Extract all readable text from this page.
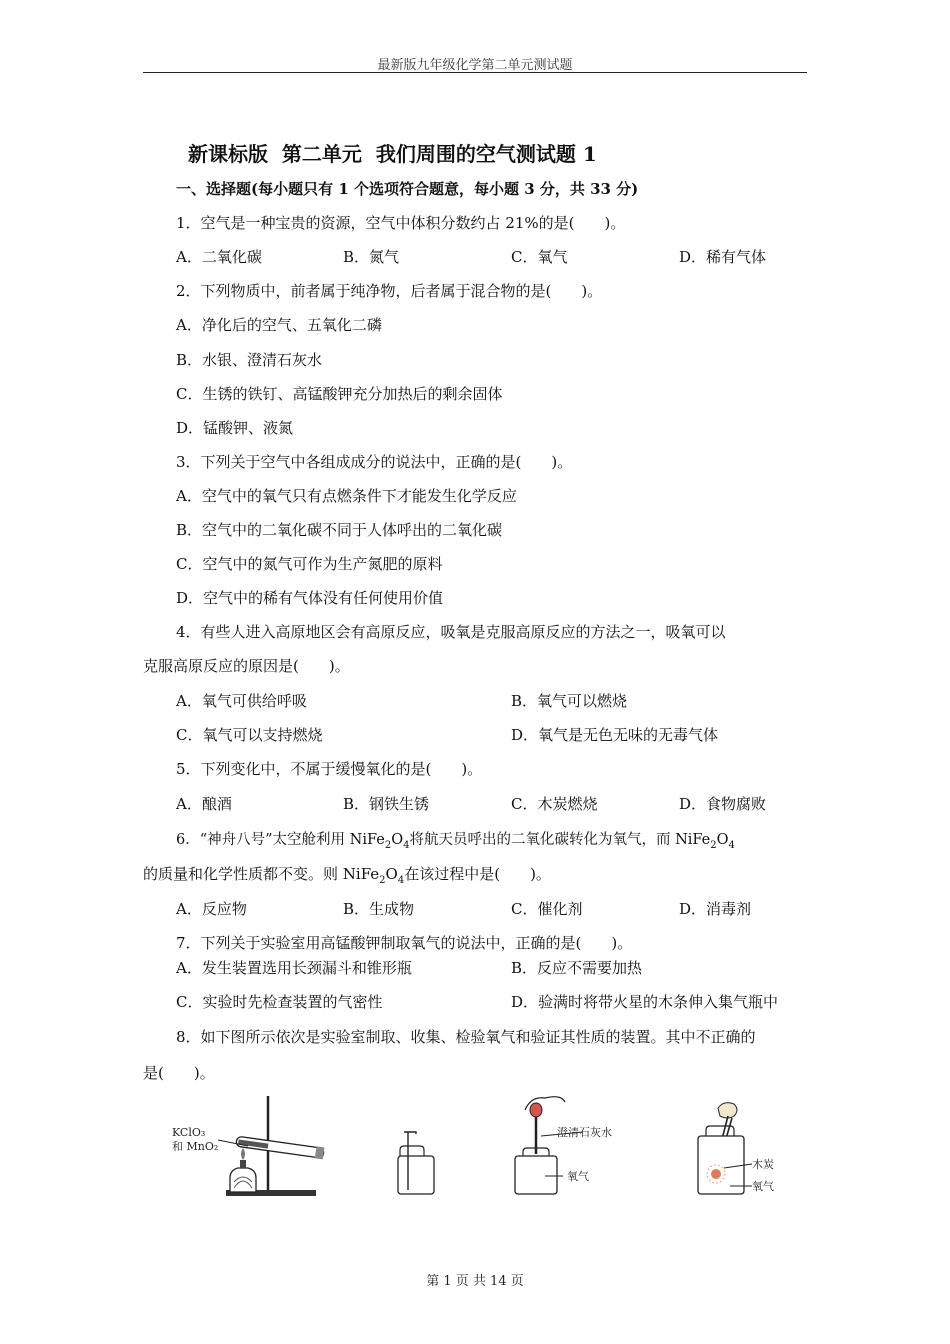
最新版九年级化学第二单元测试题
新课标版  第二单元  我们周围的空气测试题 1
一、选择题(每小题只有 1 个选项符合题意，每小题 3 分，共 33 分)
1．空气是一种宝贵的资源，空气中体积分数约占 21%的是(　　)。
A．二氧化碳	B．氮气	C．氧气	D．稀有气体
2．下列物质中，前者属于纯净物，后者属于混合物的是(　　)。
A．净化后的空气、五氧化二磷
B．水银、澄清石灰水
C．生锈的铁钉、高锰酸钾充分加热后的剩余固体
D．锰酸钾、液氮
3．下列关于空气中各组成成分的说法中，正确的是(　　)。
A．空气中的氧气只有点燃条件下才能发生化学反应
B．空气中的二氧化碳不同于人体呼出的二氧化碳
C．空气中的氮气可作为生产氮肥的原料
D．空气中的稀有气体没有任何使用价值
4．有些人进入高原地区会有高原反应，吸氧是克服高原反应的方法之一，吸氧可以
克服高原反应的原因是(　　)。
A．氧气可供给呼吸	B．氧气可以燃烧
C．氧气可以支持燃烧	D．氧气是无色无味的无毒气体
5．下列变化中，不属于缓慢氧化的是(　　)。
A．酿酒	B．钢铁生锈	C．木炭燃烧	D．食物腐败
6．“神舟八号”太空舱利用 $NiFe_2O_4$将航天员呼出的二氧化碳转化为氧气，而 $NiFe_2O_4$
的质量和化学性质都不变。则 $NiFe_2O_4$在该过程中是(　　)。
A．反应物	B．生成物	C．催化剂	D．消毒剂
7．下列关于实验室用高锰酸钾制取氧气的说法中，正确的是(　　)。
A．发生装置选用长颈漏斗和锥形瓶	B．反应不需要加热
C．实验时先检查装置的气密性	D．验满时将带火星的木条伸入集气瓶中
8．如下图所示依次是实验室制取、收集、检验氧气和验证其性质的装置。其中不正确的
是(　　)。
KClO₃
和 MnO₂
澄清石灰水
氧气
木炭
氧气
第 1 页 共 14 页
